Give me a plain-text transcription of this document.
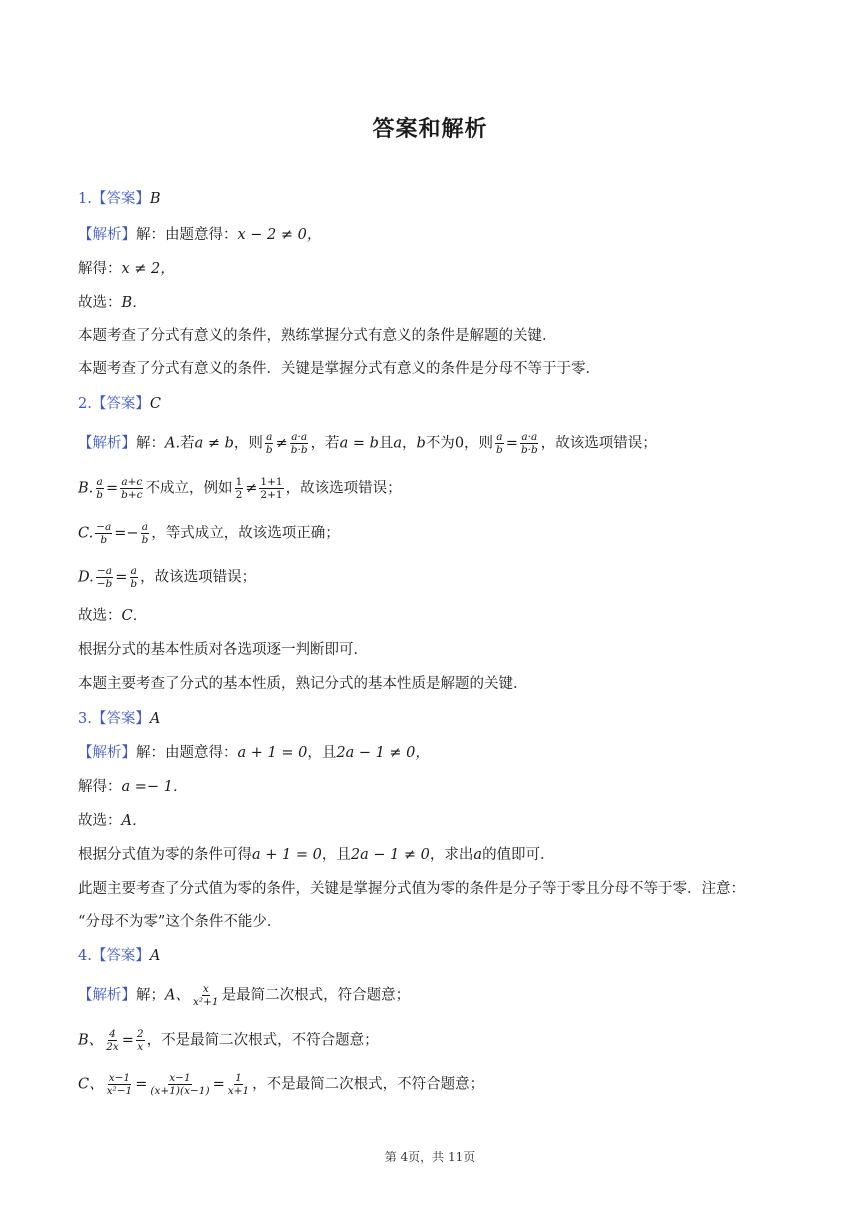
答案和解析
1.【答案】B
【解析】解：由题意得：x − 2 ≠ 0，
解得：x ≠ 2，
故选：B．
本题考查了分式有意义的条件，熟练掌握分式有意义的条件是解题的关键．
本题考查了分式有意义的条件．关键是掌握分式有意义的条件是分母不等于于零．
2.【答案】C
【解析】解：A.若a ≠ b，则 $\frac{a}{b} \ne \frac{a\cdot a}{b\cdot b}$ ，若a = b且a，b不为0，则 $\frac{a}{b} = \frac{a\cdot a}{b\cdot b}$ ，故该选项错误；
B. $\frac{a}{b} = \frac{a+c}{b+c}$ 不成立，例如 $\frac{1}{2} \ne \frac{1+1}{2+1}$ ，故该选项错误；
C. $\frac{-a}{b} =- \frac{a}{b}$ ，等式成立，故该选项正确；
D. $\frac{-a}{-b} = \frac{a}{b}$ ，故该选项错误；
故选：C．
根据分式的基本性质对各选项逐一判断即可．
本题主要考查了分式的基本性质，熟记分式的基本性质是解题的关键．
3.【答案】A
【解析】解：由题意得：a + 1 = 0，且2a − 1 ≠ 0，
解得：a =− 1．
故选：A．
根据分式值为零的条件可得a + 1 = 0，且2a − 1 ≠ 0，求出a的值即可．
此题主要考查了分式值为零的条件，关键是掌握分式值为零的条件是分子等于零且分母不等于零．注意：
“分母不为零”这个条件不能少．
4.【答案】A
【解析】解；A、 $\frac{x}{\text{x²+1}}$ 是最简二次根式，符合题意；
B、 $\frac{4}{2x} = \frac{2}{x}$ ，不是最简二次根式，不符合题意；
C、 $\frac{x-1}{\text{x²−1}} = \frac{x-1}{(x+1)(x-1)} = \frac{1}{x+1}$ ，不是最简二次根式，不符合题意；
第 4页，共 11页
